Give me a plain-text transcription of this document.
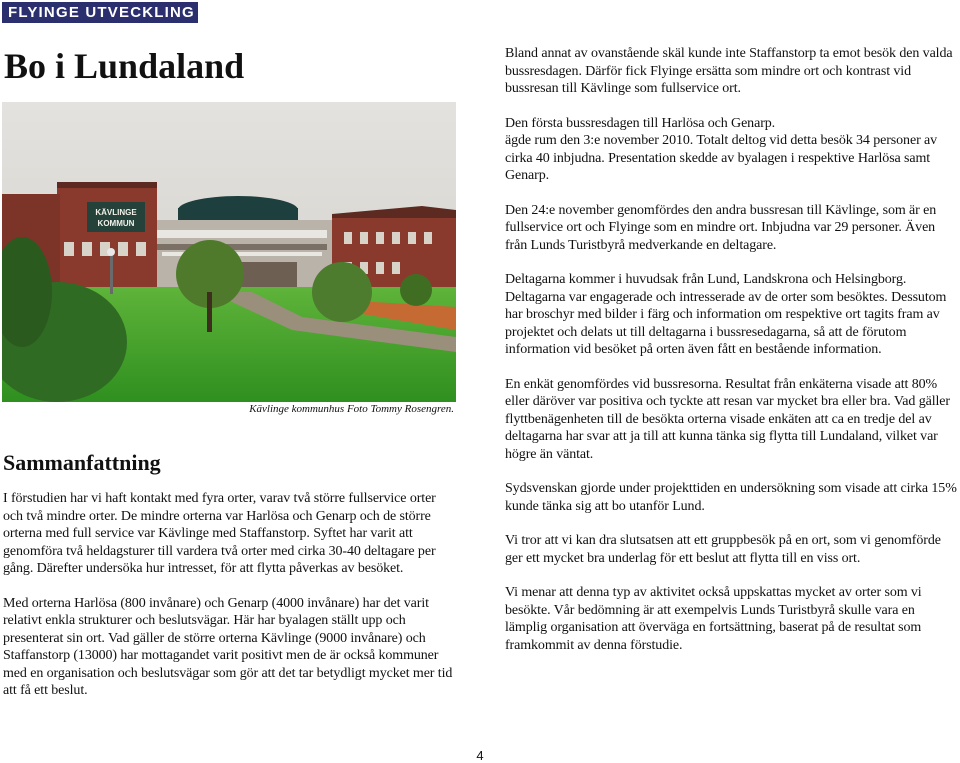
FLYINGE UTVECKLING
Bo i Lundaland
KÄVLINGE
KOMMUN
Kävlinge kommunhus Foto Tommy Rosengren.
Sammanfattning

I förstudien har vi haft kontakt med fyra orter, varav två större fullservice orter och två mindre orter. De mindre orterna var Harlösa och Genarp och de större orterna med full service var Kävlinge med Staffanstorp. Syftet har varit att genomföra två heldagsturer till vardera två orter med cirka 30-40 deltagare per gång. Därefter undersöka hur intresset, för att flytta påverkas av besöket.

Med orterna Harlösa (800 invånare) och Genarp (4000 invånare) har det varit relativt enkla strukturer och beslutsvägar. Här har byalagen ställt upp och presenterat sin ort. Vad gäller de större orterna Kävlinge (9000 invånare) och Staffanstorp (13000) har mottagandet varit positivt men de är också kommuner med en organisation och beslutsvägar som gör att det tar betydligt mycket mer tid att få ett beslut.

Bland annat av ovanstående skäl kunde inte Staffanstorp ta emot besök den valda bussresdagen. Därför fick Flyinge ersätta som mindre ort och kontrast vid bussresan till Kävlinge som fullservice ort.

Den första bussresdagen till Harlösa och Genarp.

ägde rum den 3:e november 2010. Totalt deltog vid detta besök 34 personer av cirka 40 inbjudna. Presentation skedde av byalagen i respektive Harlösa samt Genarp.

Den 24:e november genomfördes den andra bussresan till Kävlinge, som är en fullservice ort och Flyinge som en mindre ort. Inbjudna var 29 personer. Även från Lunds Turistbyrå medverkande en deltagare.

Deltagarna kommer i huvudsak från Lund, Landskrona och Helsingborg. Deltagarna var engagerade och intresserade av de orter som besöktes. Dessutom har broschyr med bilder i färg och information om respektive ort tagits fram av projektet och delats ut till deltagarna i bussresedagarna, så att de förutom information vid besöket på orten även fått en bestående information.

En enkät genomfördes vid bussresorna. Resultat från enkäterna visade att 80% eller däröver var positiva och tyckte att resan var mycket bra eller bra. Vad gäller flyttbenägenheten till de besökta orterna visade enkäten att ca en tredje del av deltagarna har svar att ja till att kunna tänka sig flytta till Lundaland, vilket var högre än väntat.

Sydsvenskan gjorde under projekttiden en undersökning som visade att cirka 15% kunde tänka sig att bo utanför Lund.

Vi tror att vi kan dra slutsatsen att ett gruppbesök på en ort, som vi genomförde ger ett mycket bra underlag för ett beslut att flytta till en viss ort.

Vi menar att denna typ av aktivitet också uppskattas mycket av orter som vi besökte. Vår bedömning är att exempelvis Lunds Turistbyrå skulle vara en lämplig organisation att överväga en fortsättning, baserat på de resultat som framkommit av denna förstudie.

4
